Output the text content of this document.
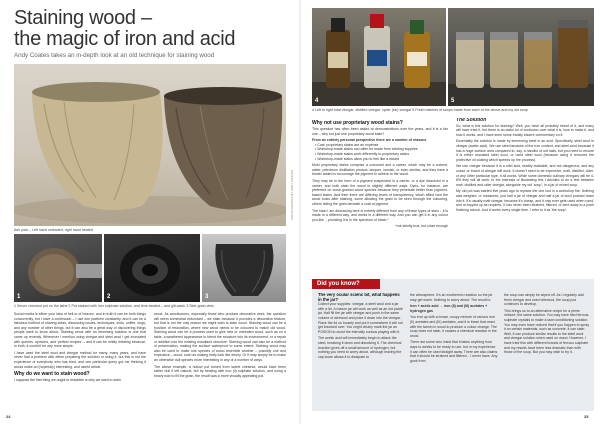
Staining wood –
the magic of iron and acid
Andy Coates takes an in-depth look at an old technique for staining wood
Ash pots – Left hand unleaded, right hand treated
PHOTOGRAPHS BY ANDY COATES
1	2	3
1 Seven chestnut pot on the lathe 2 Pot stained with iron sulphate solution, and time-treated – and gilt-wash 3 Side-grain view

Social media is either your idea of hell or of heaven, and in truth it can be both things concurrently, but I have a confession – I use one platform constantly, and it can be a fabulous method of sharing ideas, discussing issues, techniques, tools, coffee, dogs, and any number of other things, but it can also be a great way of discovering things people want to know about. Staining wood with an ebonising solution is one that came up recently. Whenever I mention using vinegar and steel wool I get inundated with queries, opinions, and 'perfect recipes' – and it can be mildly irritating because, in truth, it couldn't be any more simple.

I have used the steel wool and vinegar method for many, many years, and have never had a problem with either preparing the solution or using it, but this is not the experience of everybody who has tried, and one particular query got me thinking it would make an (hopefully) interesting, and useful article.

Why do we want to stain wood?

I suppose the first thing we ought to establish is why we want to stain

wood. As woodturners, especially those who produce decorative work, the question will seem somewhat redundant – we stain because it provides a decorative feature, but that is not the only reason we might wish to stain wood. Staining wood can be a function of restoration, where new wood needs to be coloured to match old wood. Staining wood can be a process used to give new or untreated wood, such as on a table, a weathered appearance to blend the structure into its environment, or a repair or addition into the existing woodland structure. Staining wood can also be a method of preservation, making the surface waterproof to some extent. Staining wood may also be used to make one species of wood resemble another – possibly one and expensive – wood, such as making leafy look like ebony. Or it may simply be to make an otherwise dull species more interesting in any of a number of ways.

The above example, a hollow pot turned from sweet chestnut, would have been rather dull if left natural, but by treating with iron (ii) sulphate solution, and using a heavy wax to fill the grain, the result was a more visually appealing pot.

24
4	5
4 Left to right total vinegar, distilled vinegar, cyder (sic) vinegar 5 Fresh batches of soups made from each of the above and my old soup
Why not use proprietary wood stains?

This question has often been asked at demonstrations over the years, and it is a fair one – why not just use proprietary wood stain?

From an entirely personal perspective there are a number of reasons
• Cost: proprietary stains are an expense
• Workshop-made stains can often be made from existing supplies
• Workshop-made stains work differently to proprietary stains
• Workshop-made stains allow you to feel like a wizard

Most proprietary stains comprise a colourant and a carrier, which may be a solvent, water, petroleum distillation product, lacquer, varnish, or even shellac, and they have a binder added to encourage the pigment to adhere to the wood.

They may be in the form of a pigment suspended in a carrier, or a dye dissolved in a carrier, and both stain the wood in slightly different ways. Dyes, for instance, are preferred on close-grained wood species because they penetrate better than pigment-based stains. And then there are differing levels of transparency, which affect how the wood looks after staining, some allowing the grain to be seen through the colouring, others hiding the grain beneath a coat of pigment.

The stain I am discussing here is entirely different from any of these types of stain – it is made in a different way, and works in a different way. And you can get it in any colour you like... providing it is in the spectrum of black.*

*not strictly true, but close enough

The Solution

So, what is this solution for staining? Well, you have all probably heard of it, and many will have tried it, but there is an awful lot of confusion over what it is, how to make it, and how it works, and I have seen some frankly bizarre commentary on it.

Essentially the solution is made by immersing steel in an acid. Specifically, steel wool in vinegar (acetic acid). We use steel because of the iron content, and steel wool because it has a huge surface area compared to, say, a handful of old nails, but you need to ensure it is either uncoated steel wool, or used steel wool (because using it removes the protective oil coating which speeds up the process).

We use vinegar because it is a mild acid, readily available, and not dangerous, and any colour or brand of vinegar will work. It doesn't need to be expensive, malt, distilled, cider, or any other particular type, it all works. While some domestic culinary vinegars will be 4-8% they will all work. In the interests of illustrating this I decided to do a test between malt, distilled and cider vinegar, alongside my old 'soup', in a jar of mixed soup.

My old pot was started five years ago to replace the one lost in a workshop fire. Nothing was weighed, or measured, just half a jar of vinegar and half a jar of wool pushed down into it. It's usually malt vinegar, because it's cheap, and it only ever gets used when used, and re-topped up as required. It has never been strained, filtered, or sent away to a posh finishing school. And it works every single time. I refer to it as 'the soup'.

Did you know?
The very ocular scienc bit, what happens in the jar?

Collect your supplies: vinegar, a steel wool and a jar with a lid. A mason jar will work as well as an old pickle jar. Half fill the jar with vinegar and push in the same volume of wirewool and poke it down into the vinegar. Place the lid on loosely and put it somewhere it will not get knocked over. You might clearly mark the jar as POISON to avoid the eternally curious playing with it.

The acetic acid will immediately begin to attack the steel, breaking it down and dissolving it. The chemical reaction gives off a small amount of hydrogen, but nothing you need to worry about, although leaving the cap loose allows it to dissipate to

the atmosphere. It's an exothermic reaction so the jar may get warm. Nothing to worry about. The result is:

Iron + acetic acid → iron (II) and (III) acetates + hydrogen gas

You end up with a brown, soupy mixture of various iron (II) acetates and (III) acetates, and it is these that react with the tannin in wood to produce a colour change. The soup does not stain, it causes a chemical reaction in the wood.

There are some who insist that it takes anything from days to weeks to be ready to use, but in my experience it can often be used straight away. There are also claims that it should be strained and filtered... I never have. Any gunk from

the soup can simply be wiped off. As I regularly add fresh vinegar and used wirewool, the soup just continues to develop.

This brings us to an alternative recipe for a prime mixture, the same solution. You may have tried ferrous sulphate crystals to make a lawn conditioning solution. You may even have noticed that if you happen to spray it on certain materials, such as concrete, it can stain. Well, it can produce similar results to the steel wool and vinegar solution when used on wood. However, I have tried this with different brands of ferrous sulphate and my results have been less dramatic than with those of the soup. But you may wish to try it.

25
